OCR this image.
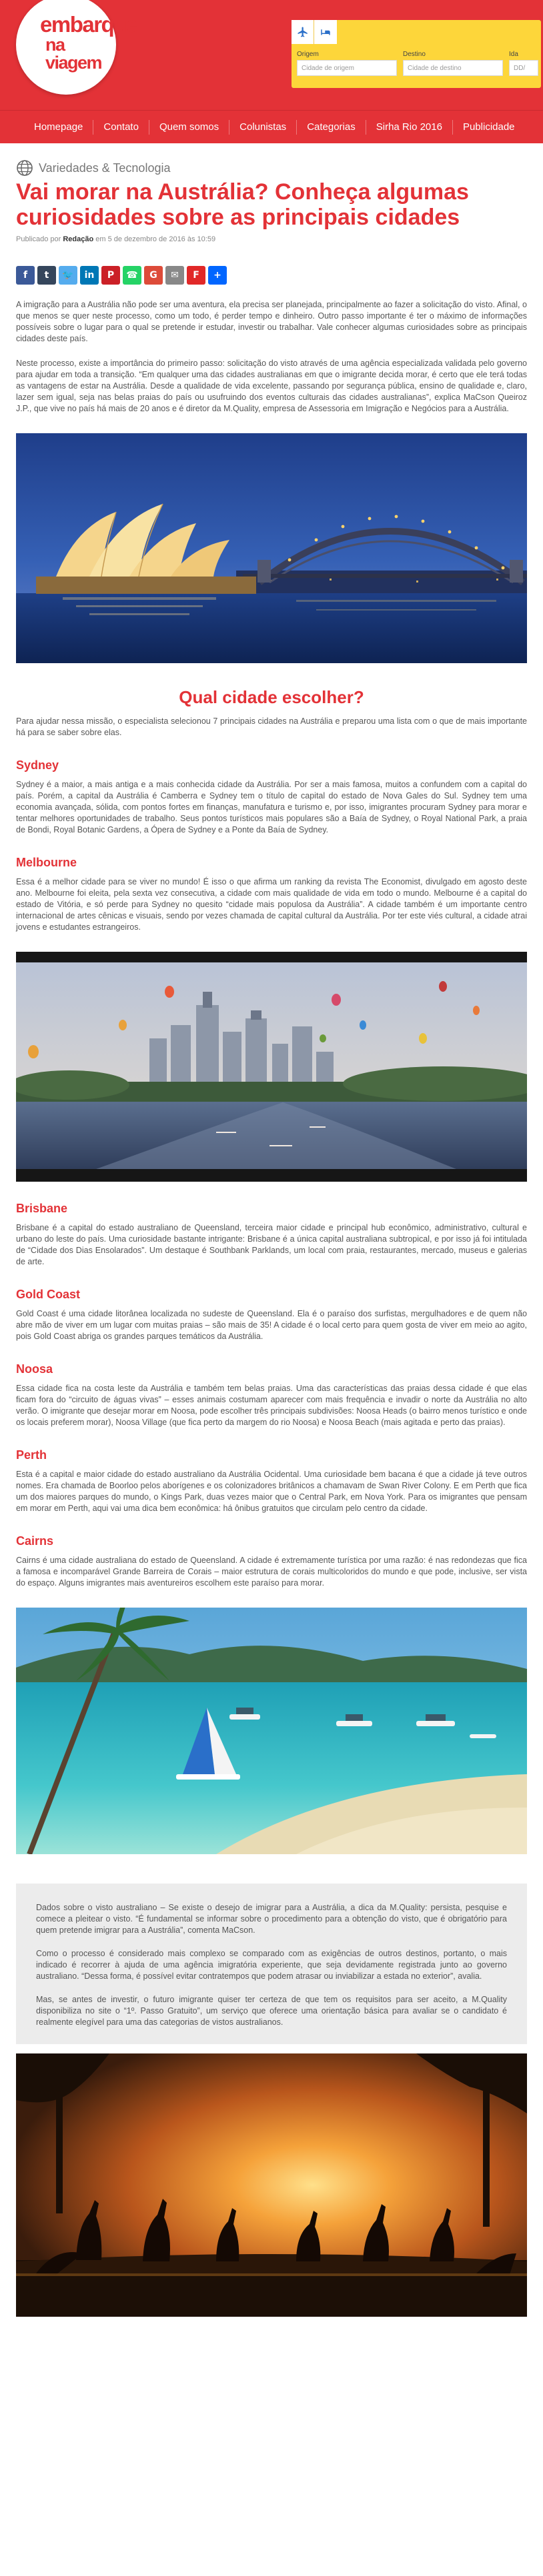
embarque
na viagem	Origem
Cidade de origem
Destino
Cidade de destino
Ida
DD/
Homepage	Contato	Quem somos	Colunistas	Categorias	Sirha Rio 2016	Publicidade
Variedades & Tecnologia
Vai morar na Austrália? Conheça algumas curiosidades sobre as principais cidades
Publicado por Redação em 5 de dezembro de 2016 às 10:59
f	t	🐦	in	P	☎	G	✉	F	+

A imigração para a Austrália não pode ser uma aventura, ela precisa ser planejada, principalmente ao fazer a solicitação do visto. Afinal, o que menos se quer neste processo, como um todo, é perder tempo e dinheiro. Outro passo importante é ter o máximo de informações possíveis sobre o lugar para o qual se pretende ir estudar, investir ou trabalhar. Vale conhecer algumas curiosidades sobre as principais cidades deste país.

Neste processo, existe a importância do primeiro passo: solicitação do visto através de uma agência especializada validada pelo governo para ajudar em toda a transição. “Em qualquer uma das cidades australianas em que o imigrante decida morar, é certo que ele terá todas as vantagens de estar na Austrália. Desde a qualidade de vida excelente, passando por segurança pública, ensino de qualidade e, claro, lazer sem igual, seja nas belas praias do país ou usufruindo dos eventos culturais das cidades australianas”, explica MaCson Queiroz J.P., que vive no país há mais de 20 anos e é diretor da M.Quality, empresa de Assessoria em Imigração e Negócios para a Austrália.

Qual cidade escolher?

Para ajudar nessa missão, o especialista selecionou 7 principais cidades na Austrália e preparou uma lista com o que de mais importante há para se saber sobre elas.

Sydney

Sydney é a maior, a mais antiga e a mais conhecida cidade da Austrália. Por ser a mais famosa, muitos a confundem com a capital do país. Porém, a capital da Austrália é Camberra e Sydney tem o título de capital do estado de Nova Gales do Sul. Sydney tem uma economia avançada, sólida, com pontos fortes em finanças, manufatura e turismo e, por isso, imigrantes procuram Sydney para morar e tentar melhores oportunidades de trabalho. Seus pontos turísticos mais populares são a Baía de Sydney, o Royal National Park, a praia de Bondi, Royal Botanic Gardens, a Ópera de Sydney e a Ponte da Baía de Sydney.

Melbourne

Essa é a melhor cidade para se viver no mundo! É isso o que afirma um ranking da revista The Economist, divulgado em agosto deste ano. Melbourne foi eleita, pela sexta vez consecutiva, a cidade com mais qualidade de vida em todo o mundo. Melbourne é a capital do estado de Vitória, e só perde para Sydney no quesito “cidade mais populosa da Austrália”. A cidade também é um importante centro internacional de artes cênicas e visuais, sendo por vezes chamada de capital cultural da Austrália. Por ter este viés cultural, a cidade atrai jovens e estudantes estrangeiros.

Brisbane

Brisbane é a capital do estado australiano de Queensland, terceira maior cidade e principal hub econômico, administrativo, cultural e urbano do leste do país. Uma curiosidade bastante intrigante: Brisbane é a única capital australiana subtropical, e por isso já foi intitulada de “Cidade dos Dias Ensolarados”. Um destaque é Southbank Parklands, um local com praia, restaurantes, mercado, museus e galerias de arte.

Gold Coast

Gold Coast é uma cidade litorânea localizada no sudeste de Queensland. Ela é o paraíso dos surfistas, mergulhadores e de quem não abre mão de viver em um lugar com muitas praias – são mais de 35! A cidade é o local certo para quem gosta de viver em meio ao agito, pois Gold Coast abriga os grandes parques temáticos da Austrália.

Noosa

Essa cidade fica na costa leste da Austrália e também tem belas praias. Uma das características das praias dessa cidade é que elas ficam fora do “circuito de águas vivas” – esses animais costumam aparecer com mais frequência e invadir o norte da Austrália no alto verão. O imigrante que desejar morar em Noosa, pode escolher três principais subdivisões: Noosa Heads (o bairro menos turístico e onde os locais preferem morar), Noosa Village (que fica perto da margem do rio Noosa) e Noosa Beach (mais agitada e perto das praias).

Perth

Esta é a capital e maior cidade do estado australiano da Austrália Ocidental. Uma curiosidade bem bacana é que a cidade já teve outros nomes. Era chamada de Boorloo pelos aborígenes e os colonizadores britânicos a chamavam de Swan River Colony. E em Perth que fica um dos maiores parques do mundo, o Kings Park, duas vezes maior que o Central Park, em Nova York. Para os imigrantes que pensam em morar em Perth, aqui vai uma dica bem econômica: há ônibus gratuitos que circulam pelo centro da cidade.

Cairns

Cairns é uma cidade australiana do estado de Queensland. A cidade é extremamente turística por uma razão: é nas redondezas que fica a famosa e incomparável Grande Barreira de Corais – maior estrutura de corais multicoloridos do mundo e que pode, inclusive, ser vista do espaço. Alguns imigrantes mais aventureiros escolhem este paraíso para morar.

Dados sobre o visto australiano – Se existe o desejo de imigrar para a Austrália, a dica da M.Quality: persista, pesquise e comece a pleitear o visto. “É fundamental se informar sobre o procedimento para a obtenção do visto, que é obrigatório para quem pretende imigrar para a Austrália”, comenta MaCson.

Como o processo é considerado mais complexo se comparado com as exigências de outros destinos, portanto, o mais indicado é recorrer à ajuda de uma agência imigratória experiente, que seja devidamente registrada junto ao governo australiano. “Dessa forma, é possível evitar contratempos que podem atrasar ou inviabilizar a estada no exterior”, avalia.

Mas, se antes de investir, o futuro imigrante quiser ter certeza de que tem os requisitos para ser aceito, a M.Quality disponibiliza no site o “1º. Passo Gratuito”, um serviço que oferece uma orientação básica para avaliar se o candidato é realmente elegível para uma das categorias de vistos australianos.
